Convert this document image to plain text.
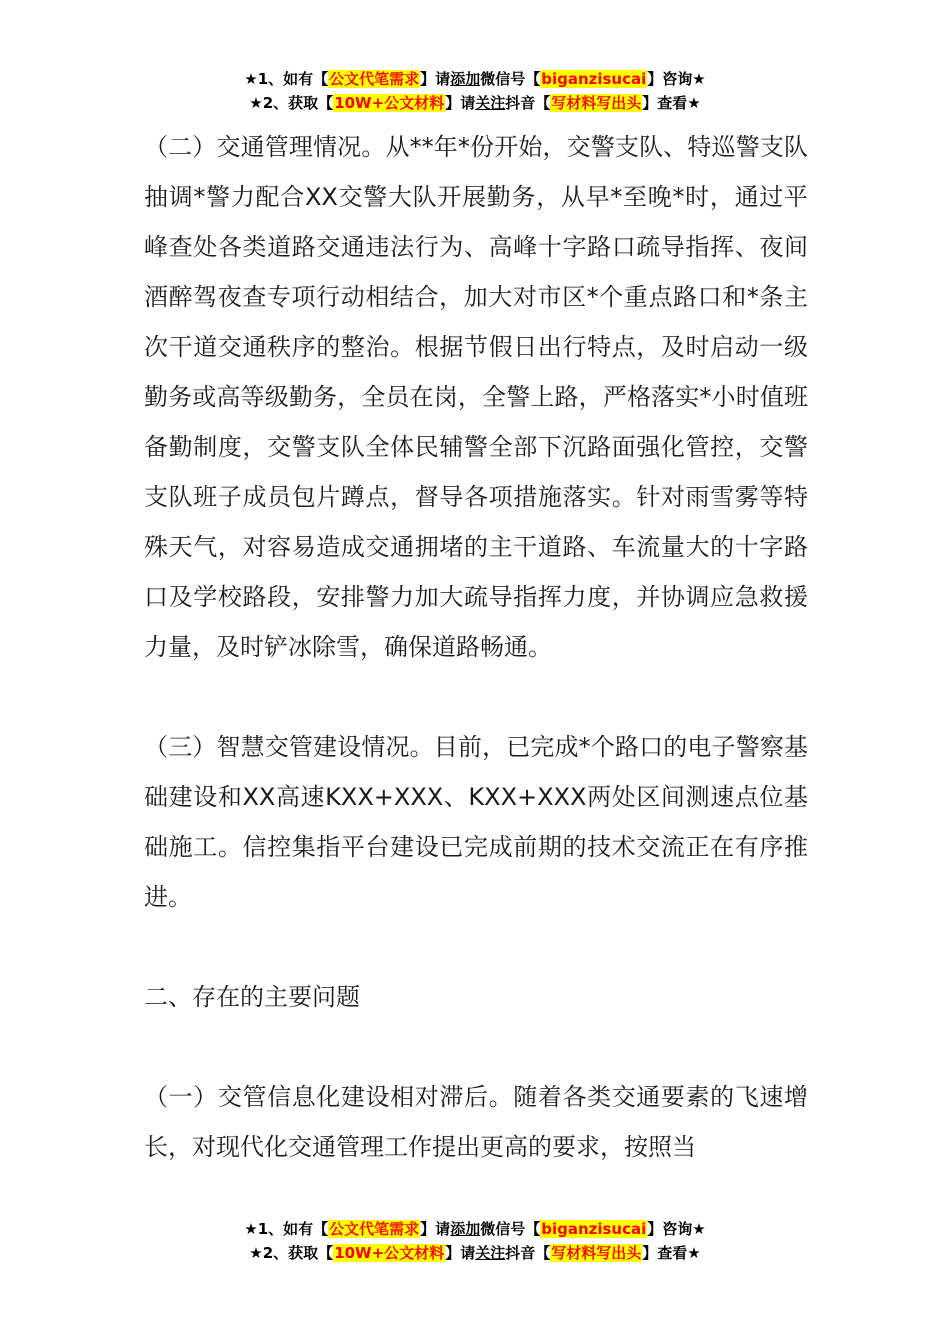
★1、如有【公文代笔需求】请添加微信号【biganzisucai】咨询★
★2、获取【10W+公文材料】请关注抖音【写材料写出头】查看★

（二）交通管理情况。从**年*份开始，交警支队、特巡警支队抽调*警力配合XX交警大队开展勤务，从早*至晚*时，通过平峰查处各类道路交通违法行为、高峰十字路口疏导指挥、夜间酒醉驾夜查专项行动相结合，加大对市区*个重点路口和*条主次干道交通秩序的整治。根据节假日出行特点，及时启动一级勤务或高等级勤务，全员在岗，全警上路，严格落实*小时值班备勤制度，交警支队全体民辅警全部下沉路面强化管控，交警支队班子成员包片蹲点，督导各项措施落实。针对雨雪雾等特殊天气，对容易造成交通拥堵的主干道路、车流量大的十字路口及学校路段，安排警力加大疏导指挥力度，并协调应急救援力量，及时铲冰除雪，确保道路畅通。

（三）智慧交管建设情况。目前，已完成*个路口的电子警察基础建设和XX高速KXX+XXX、KXX+XXX两处区间测速点位基础施工。信控集指平台建设已完成前期的技术交流正在有序推进。

二、存在的主要问题

（一）交管信息化建设相对滞后。随着各类交通要素的飞速增长，对现代化交通管理工作提出更高的要求，按照当

★1、如有【公文代笔需求】请添加微信号【biganzisucai】咨询★
★2、获取【10W+公文材料】请关注抖音【写材料写出头】查看★
